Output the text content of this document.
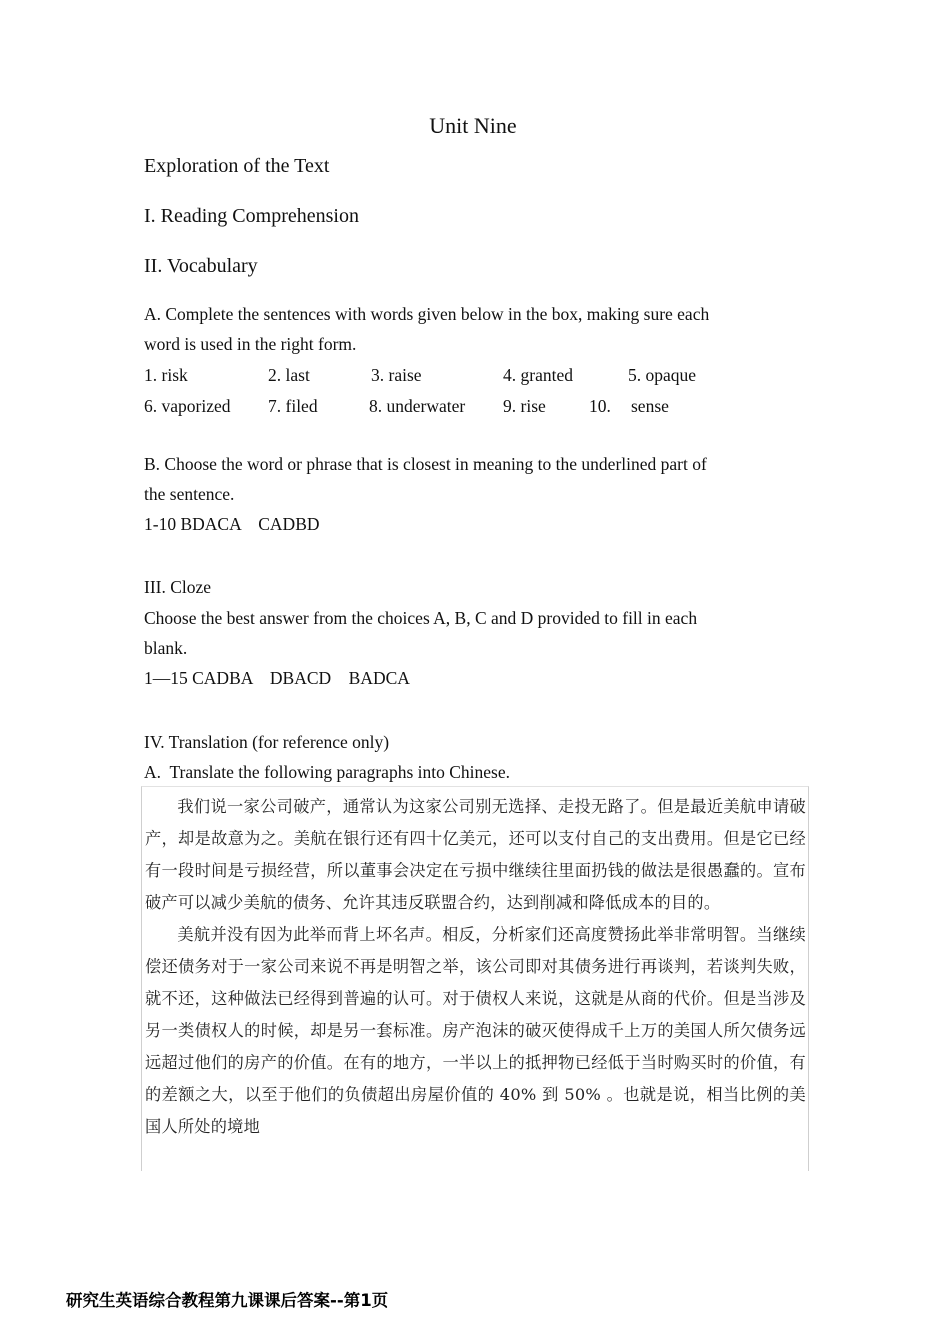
Unit Nine
Exploration of the Text
I. Reading Comprehension
II. Vocabulary
A. Complete the sentences with words given below in the box, making sure each
word is used in the right form.
1. risk	2. last	3. raise	4. granted	5. opaque
6. vaporized 7. filed	8. underwater 9. rise 10. sense
B. Choose the word or phrase that is closest in meaning to the underlined part of
the sentence.
1-10 BDACA    CADBD
III. Cloze
Choose the best answer from the choices A, B, C and D provided to fill in each
blank.
1—15 CADBA    DBACD    BADCA
IV. Translation (for reference only)
A.  Translate the following paragraphs into Chinese.

我们说一家公司破产，通常认为这家公司别无选择、走投无路了。但是最近美航申请破产，却是故意为之。美航在银行还有四十亿美元，还可以支付自己的支出费用。但是它已经有一段时间是亏损经营，所以董事会决定在亏损中继续往里面扔钱的做法是很愚蠢的。宣布破产可以减少美航的债务、允许其违反联盟合约，达到削减和降低成本的目的。

美航并没有因为此举而背上坏名声。相反，分析家们还高度赞扬此举非常明智。当继续偿还债务对于一家公司来说不再是明智之举，该公司即对其债务进行再谈判，若谈判失败，就不还，这种做法已经得到普遍的认可。对于债权人来说，这就是从商的代价。但是当涉及另一类债权人的时候，却是另一套标准。房产泡沫的破灭使得成千上万的美国人所欠债务远远超过他们的房产的价值。在有的地方，一半以上的抵押物已经低于当时购买时的价值，有的差额之大，以至于他们的负债超出房屋价值的 40% 到 50% 。也就是说，相当比例的美国人所处的境地

研究生英语综合教程第九课课后答案--第1页
